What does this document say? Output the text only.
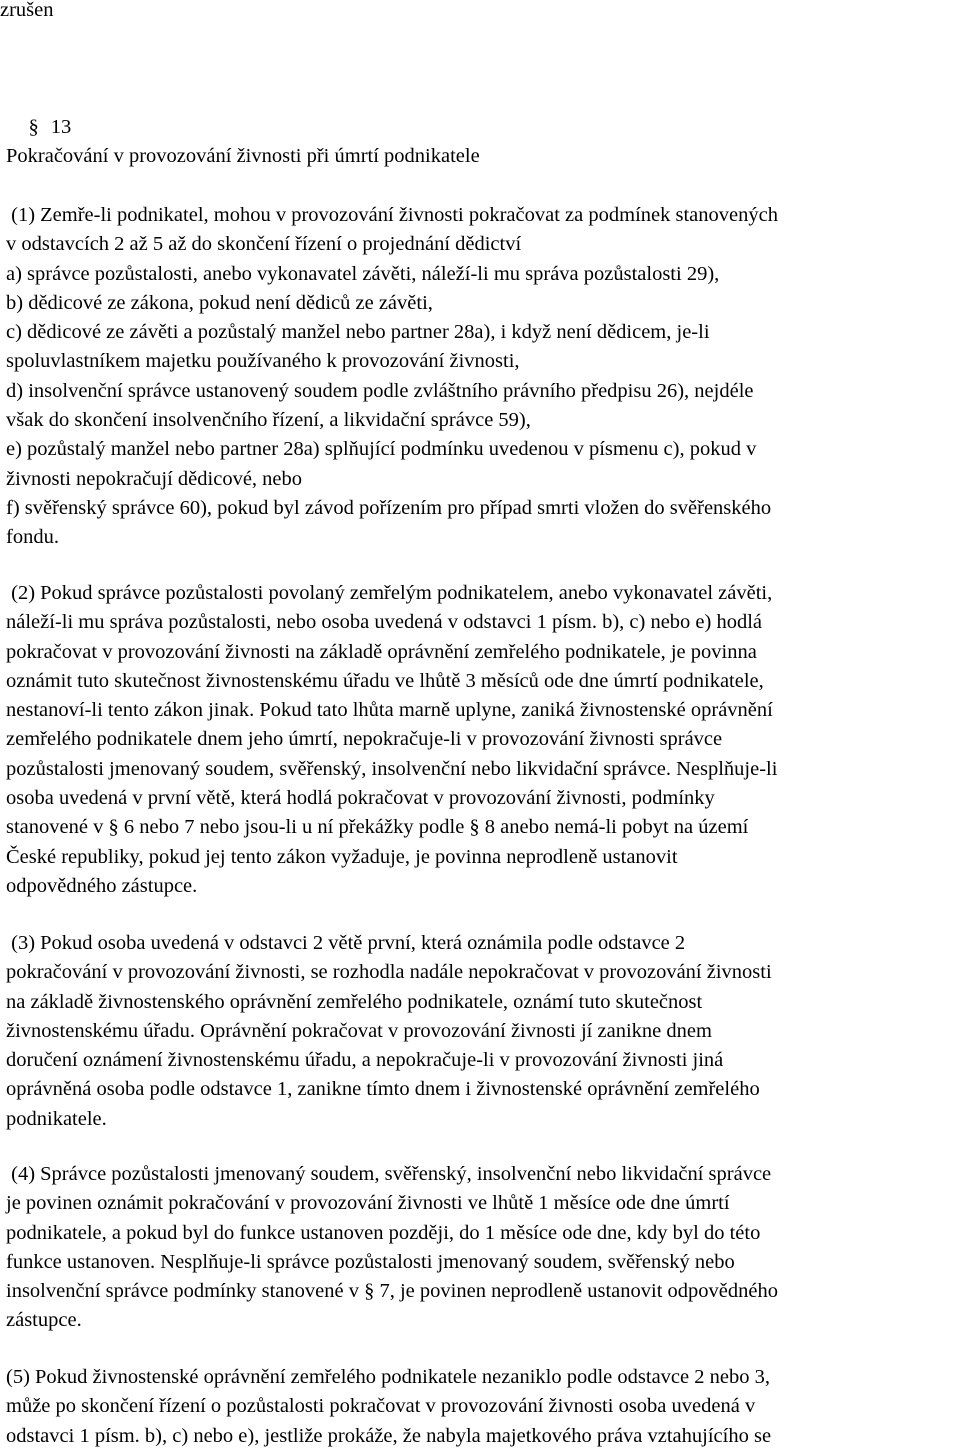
zrušen

§ 13

Pokračování v provozování živnosti při úmrtí podnikatele
(1) Zemře-li podnikatel, mohou v provozování živnosti pokračovat za podmínek stanovených
v odstavcích 2 až 5 až do skončení řízení o projednání dědictví
a) správce pozůstalosti, anebo vykonavatel závěti, náleží-li mu správa pozůstalosti 29),
b) dědicové ze zákona, pokud není dědiců ze závěti,
c) dědicové ze závěti a pozůstalý manžel nebo partner 28a), i když není dědicem, je-li
spoluvlastníkem majetku používaného k provozování živnosti,
d) insolvenční správce ustanovený soudem podle zvláštního právního předpisu 26), nejdéle
však do skončení insolvenčního řízení, a likvidační správce 59),
e) pozůstalý manžel nebo partner 28a) splňující podmínku uvedenou v písmenu c), pokud v
živnosti nepokračují dědicové, nebo
f) svěřenský správce 60), pokud byl závod pořízením pro případ smrti vložen do svěřenského
fondu.
(2) Pokud správce pozůstalosti povolaný zemřelým podnikatelem, anebo vykonavatel závěti,
náleží-li mu správa pozůstalosti, nebo osoba uvedená v odstavci 1 písm. b), c) nebo e) hodlá
pokračovat v provozování živnosti na základě oprávnění zemřelého podnikatele, je povinna
oznámit tuto skutečnost živnostenskému úřadu ve lhůtě 3 měsíců ode dne úmrtí podnikatele,
nestanoví-li tento zákon jinak. Pokud tato lhůta marně uplyne, zaniká živnostenské oprávnění
zemřelého podnikatele dnem jeho úmrtí, nepokračuje-li v provozování živnosti správce
pozůstalosti jmenovaný soudem, svěřenský, insolvenční nebo likvidační správce. Nesplňuje-li
osoba uvedená v první větě, která hodlá pokračovat v provozování živnosti, podmínky
stanovené v § 6 nebo 7 nebo jsou-li u ní překážky podle § 8 anebo nemá-li pobyt na území
České republiky, pokud jej tento zákon vyžaduje, je povinna neprodleně ustanovit
odpovědného zástupce.
(3) Pokud osoba uvedená v odstavci 2 větě první, která oznámila podle odstavce 2
pokračování v provozování živnosti, se rozhodla nadále nepokračovat v provozování živnosti
na základě živnostenského oprávnění zemřelého podnikatele, oznámí tuto skutečnost
živnostenskému úřadu. Oprávnění pokračovat v provozování živnosti jí zanikne dnem
doručení oznámení živnostenskému úřadu, a nepokračuje-li v provozování živnosti jiná
oprávněná osoba podle odstavce 1, zanikne tímto dnem i živnostenské oprávnění zemřelého
podnikatele.
(4) Správce pozůstalosti jmenovaný soudem, svěřenský, insolvenční nebo likvidační správce
je povinen oznámit pokračování v provozování živnosti ve lhůtě 1 měsíce ode dne úmrtí
podnikatele, a pokud byl do funkce ustanoven později, do 1 měsíce ode dne, kdy byl do této
funkce ustanoven. Nesplňuje-li správce pozůstalosti jmenovaný soudem, svěřenský nebo
insolvenční správce podmínky stanovené v § 7, je povinen neprodleně ustanovit odpovědného
zástupce.
(5) Pokud živnostenské oprávnění zemřelého podnikatele nezaniklo podle odstavce 2 nebo 3,
může po skončení řízení o pozůstalosti pokračovat v provozování živnosti osoba uvedená v
odstavci 1 písm. b), c) nebo e), jestliže prokáže, že nabyla majetkového práva vztahujícího se
